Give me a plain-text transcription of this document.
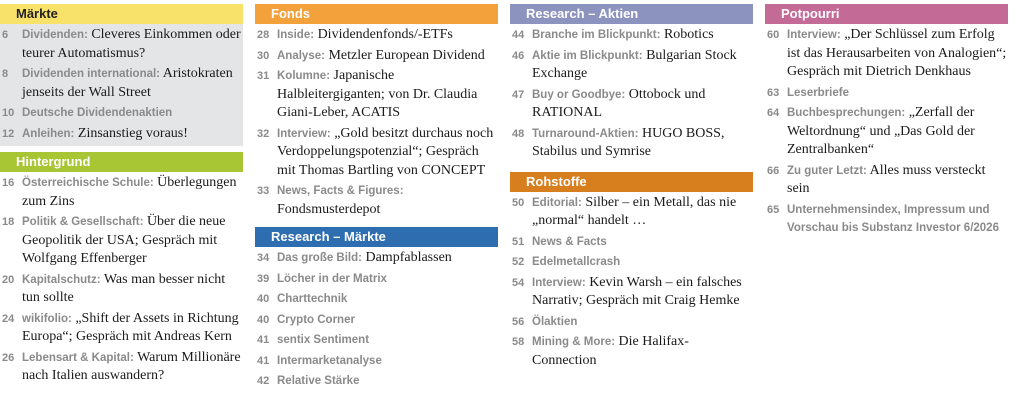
Märkte
6 Dividenden: Cleveres Einkommen oder teurer Automatismus?
8 Dividenden international: Aristokraten jenseits der Wall Street
10 Deutsche Dividendenaktien
12 Anleihen: Zinsanstieg voraus!
Hintergrund
16 Österreichische Schule: Überlegungen zum Zins
18 Politik & Gesellschaft: Über die neue Geopolitik der USA; Gespräch mit Wolfgang Effenberger
20 Kapitalschutz: Was man besser nicht tun sollte
24 wikifolio: „Shift der Assets in Richtung Europa“; Gespräch mit Andreas Kern
26 Lebensart & Kapital: Warum Millionäre nach Italien auswandern?
Fonds
28 Inside: Dividendenfonds/-ETFs
30 Analyse: Metzler European Dividend
31 Kolumne: Japanische Halbleitergiganten; von Dr. Claudia Giani-Leber, ACATIS
32 Interview: „Gold besitzt durchaus noch Verdoppelungspotenzial“; Gespräch mit Thomas Bartling von CONCEPT
33 News, Facts & Figures: Fondsmusterdepot
Research – Märkte
34 Das große Bild: Dampfablassen
39 Löcher in der Matrix
40 Charttechnik
40 Crypto Corner
41 sentix Sentiment
41 Intermarketanalyse
42 Relative Stärke
Research – Aktien
44 Branche im Blickpunkt: Robotics
46 Aktie im Blickpunkt: Bulgarian Stock Exchange
47 Buy or Goodbye: Ottobock und RATIONAL
48 Turnaround-Aktien: HUGO BOSS, Stabilus und Symrise
Rohstoffe
50 Editorial: Silber – ein Metall, das nie „normal“ handelt …
51 News & Facts
52 Edelmetallcrash
54 Interview: Kevin Warsh – ein falsches Narrativ; Gespräch mit Craig Hemke
56 Ölaktien
58 Mining & More: Die Halifax-Connection
Potpourri
60 Interview: „Der Schlüssel zum Erfolg ist das Herausarbeiten von Analogien“; Gespräch mit Dietrich Denkhaus
63 Leserbriefe
64 Buchbesprechungen: „Zerfall der Weltordnung“ und „Das Gold der Zentralbanken“
66 Zu guter Letzt: Alles muss versteckt sein
65 Unternehmensindex, Impressum und Vorschau bis Substanz Investor 6/2026
